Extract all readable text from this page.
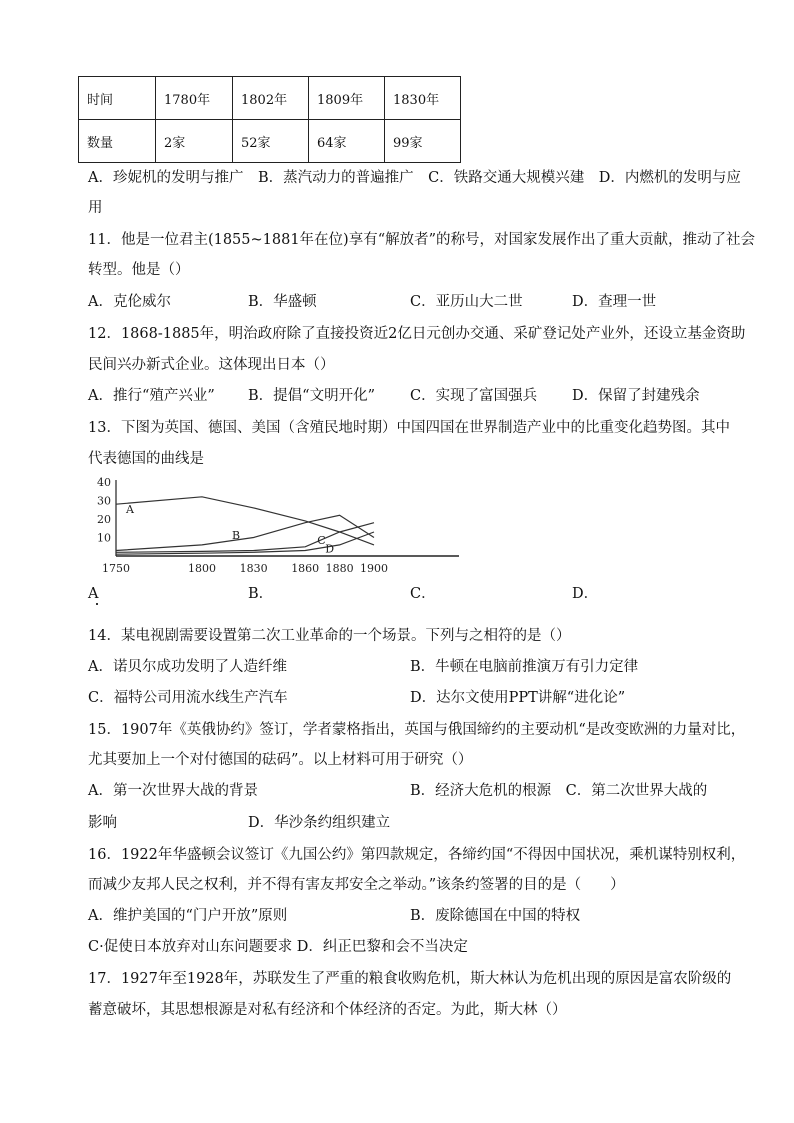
时间	1780年	1802年	1809年	1830年
数量	2家	52家	64家	99家
A．珍妮机的发明与推广　B．蒸汽动力的普遍推广　C．铁路交通大规模兴建　D．内燃机的发明与应
用
11．他是一位君主(1855~1881年在位)享有“解放者”的称号，对国家发展作出了重大贡献，推动了社会
转型。他是（）
A．克伦威尔	B．华盛顿	C．亚历山大二世	D．查理一世
12．1868-1885年，明治政府除了直接投资近2亿日元创办交通、采矿登记处产业外，还设立基金资助
民间兴办新式企业。这体现出日本（）
A．推行“殖产兴业” B．提倡“文明开化” C．实现了富国强兵 D．保留了封建残余
13．下图为英国、德国、美国（含殖民地时期）中国四国在世界制造产业中的比重变化趋势图。其中
代表德国的曲线是
10
20
30
40
1750	1800 1830 1860 1880 1900
A
B	C
D
A	B．	C．	D．
14．某电视剧需要设置第二次工业革命的一个场景。下列与之相符的是（）
A．诺贝尔成功发明了人造纤维	B．牛顿在电脑前推演万有引力定律
C．福特公司用流水线生产汽车	D．达尔文使用PPT讲解“进化论”
15．1907年《英俄协约》签订，学者蒙格指出，英国与俄国缔约的主要动机“是改变欧洲的力量对比，
尤其要加上一个对付德国的砝码”。以上材料可用于研究（）
A．第一次世界大战的背景	B．经济大危机的根源　C．第二次世界大战的
影响	D．华沙条约组织建立
16．1922年华盛顿会议签订《九国公约》第四款规定，各缔约国“不得因中国状况，乘机谋特别权利，
而减少友邦人民之权利，并不得有害友邦安全之举动。”该条约签署的目的是（　　）
A．维护美国的“门户开放”原则	B．废除德国在中国的特权
C·促使日本放弃对山东问题要求 D．纠正巴黎和会不当决定
17．1927年至1928年，苏联发生了严重的粮食收购危机，斯大林认为危机出现的原因是富农阶级的
蓄意破坏，其思想根源是对私有经济和个体经济的否定。为此，斯大林（）
